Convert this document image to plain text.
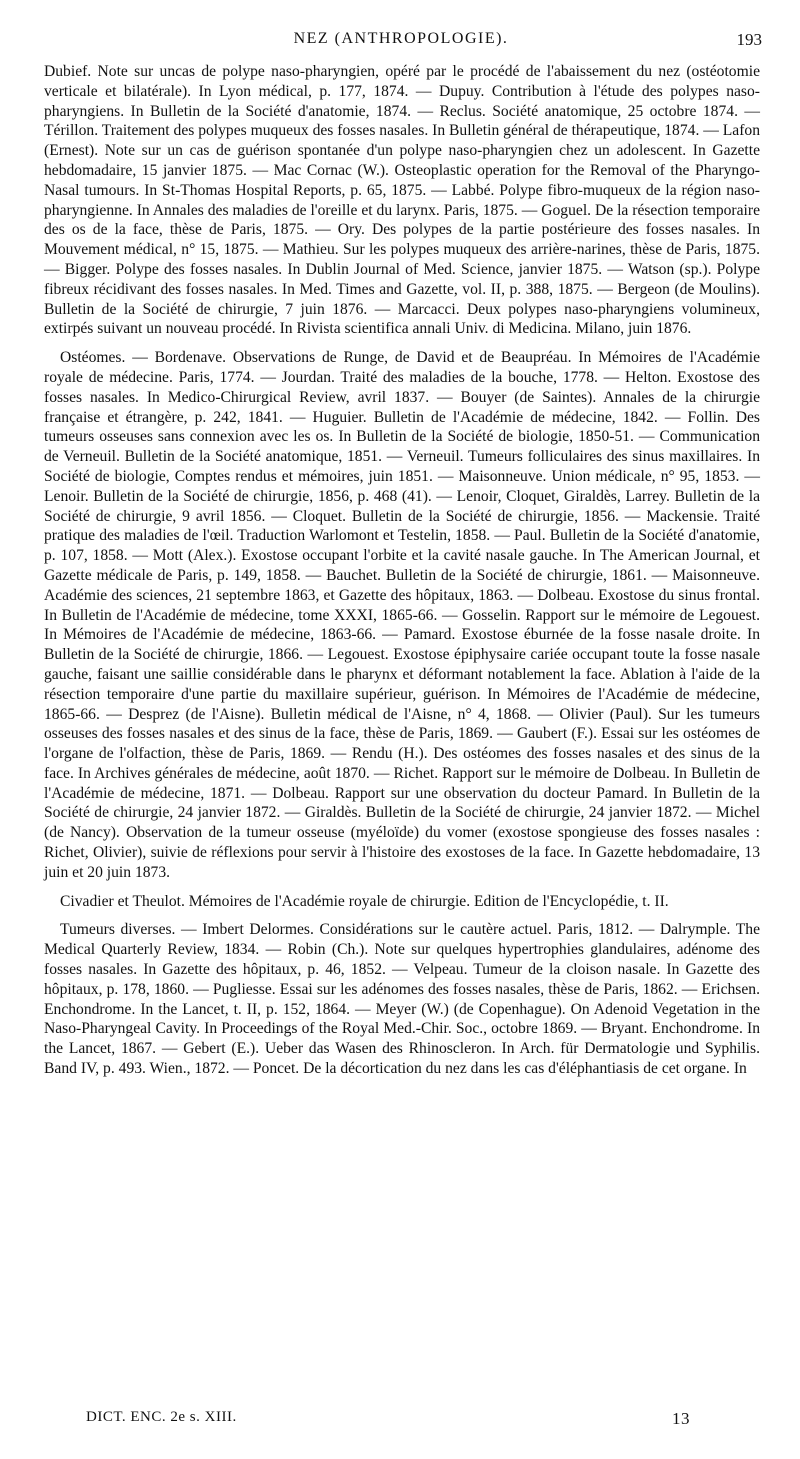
NEZ (ANTHROPOLOGIE).	193

Dubief. Note sur uncas de polype naso-pharyngien, opéré par le procédé de l'abaissement du nez (ostéotomie verticale et bilatérale). In Lyon médical, p. 177, 1874. — Dupuy. Contribution à l'étude des polypes naso-pharyngiens. In Bulletin de la Société d'anatomie, 1874. — Reclus. Société anatomique, 25 octobre 1874. — Térillon. Traitement des polypes muqueux des fosses nasales. In Bulletin général de thérapeutique, 1874. — Lafon (Ernest). Note sur un cas de guérison spontanée d'un polype naso-pharyngien chez un adolescent. In Gazette hebdomadaire, 15 janvier 1875. — Mac Cornac (W.). Osteoplastic operation for the Removal of the Pharyngo-Nasal tumours. In St-Thomas Hospital Reports, p. 65, 1875. — Labbé. Polype fibro-muqueux de la région naso-pharyngienne. In Annales des maladies de l'oreille et du larynx. Paris, 1875. — Goguel. De la résection temporaire des os de la face, thèse de Paris, 1875. — Ory. Des polypes de la partie postérieure des fosses nasales. In Mouvement médical, n° 15, 1875. — Mathieu. Sur les polypes muqueux des arrière-narines, thèse de Paris, 1875. — Bigger. Polype des fosses nasales. In Dublin Journal of Med. Science, janvier 1875. — Watson (sp.). Polype fibreux récidivant des fosses nasales. In Med. Times and Gazette, vol. II, p. 388, 1875. — Bergeon (de Moulins). Bulletin de la Société de chirurgie, 7 juin 1876. — Marcacci. Deux polypes naso-pharyngiens volumineux, extirpés suivant un nouveau procédé. In Rivista scientifica annali Univ. di Medicina. Milano, juin 1876.

Ostéomes. — Bordenave. Observations de Runge, de David et de Beaupréau. In Mémoires de l'Académie royale de médecine. Paris, 1774. — Jourdan. Traité des maladies de la bouche, 1778. — Helton. Exostose des fosses nasales. In Medico-Chirurgical Review, avril 1837. — Bouyer (de Saintes). Annales de la chirurgie française et étrangère, p. 242, 1841. — Huguier. Bulletin de l'Académie de médecine, 1842. — Follin. Des tumeurs osseuses sans connexion avec les os. In Bulletin de la Société de biologie, 1850-51. — Communication de Verneuil. Bulletin de la Société anatomique, 1851. — Verneuil. Tumeurs folliculaires des sinus maxillaires. In Société de biologie, Comptes rendus et mémoires, juin 1851. — Maisonneuve. Union médicale, n° 95, 1853. — Lenoir. Bulletin de la Société de chirurgie, 1856, p. 468 (41). — Lenoir, Cloquet, Giraldès, Larrey. Bulletin de la Société de chirurgie, 9 avril 1856. — Cloquet. Bulletin de la Société de chirurgie, 1856. — Mackensie. Traité pratique des maladies de l'œil. Traduction Warlomont et Testelin, 1858. — Paul. Bulletin de la Société d'anatomie, p. 107, 1858. — Mott (Alex.). Exostose occupant l'orbite et la cavité nasale gauche. In The American Journal, et Gazette médicale de Paris, p. 149, 1858. — Bauchet. Bulletin de la Société de chirurgie, 1861. — Maisonneuve. Académie des sciences, 21 septembre 1863, et Gazette des hôpitaux, 1863. — Dolbeau. Exostose du sinus frontal. In Bulletin de l'Académie de médecine, tome XXXI, 1865-66. — Gosselin. Rapport sur le mémoire de Legouest. In Mémoires de l'Académie de médecine, 1863-66. — Pamard. Exostose éburnée de la fosse nasale droite. In Bulletin de la Société de chirurgie, 1866. — Legouest. Exostose épiphysaire cariée occupant toute la fosse nasale gauche, faisant une saillie considérable dans le pharynx et déformant notablement la face. Ablation à l'aide de la résection temporaire d'une partie du maxillaire supérieur, guérison. In Mémoires de l'Académie de médecine, 1865-66. — Desprez (de l'Aisne). Bulletin médical de l'Aisne, n° 4, 1868. — Olivier (Paul). Sur les tumeurs osseuses des fosses nasales et des sinus de la face, thèse de Paris, 1869. — Gaubert (F.). Essai sur les ostéomes de l'organe de l'olfaction, thèse de Paris, 1869. — Rendu (H.). Des ostéomes des fosses nasales et des sinus de la face. In Archives générales de médecine, août 1870. — Richet. Rapport sur le mémoire de Dolbeau. In Bulletin de l'Académie de médecine, 1871. — Dolbeau. Rapport sur une observation du docteur Pamard. In Bulletin de la Société de chirurgie, 24 janvier 1872. — Giraldès. Bulletin de la Société de chirurgie, 24 janvier 1872. — Michel (de Nancy). Observation de la tumeur osseuse (myéloïde) du vomer (exostose spongieuse des fosses nasales : Richet, Olivier), suivie de réflexions pour servir à l'histoire des exostoses de la face. In Gazette hebdomadaire, 13 juin et 20 juin 1873.

Civadier et Theulot. Mémoires de l'Académie royale de chirurgie. Edition de l'Encyclopédie, t. II.

Tumeurs diverses. — Imbert Delormes. Considérations sur le cautère actuel. Paris, 1812. — Dalrymple. The Medical Quarterly Review, 1834. — Robin (Ch.). Note sur quelques hypertrophies glandulaires, adénome des fosses nasales. In Gazette des hôpitaux, p. 46, 1852. — Velpeau. Tumeur de la cloison nasale. In Gazette des hôpitaux, p. 178, 1860. — Pugliesse. Essai sur les adénomes des fosses nasales, thèse de Paris, 1862. — Erichsen. Enchondrome. In the Lancet, t. II, p. 152, 1864. — Meyer (W.) (de Copenhague). On Adenoid Vegetation in the Naso-Pharyngeal Cavity. In Proceedings of the Royal Med.-Chir. Soc., octobre 1869. — Bryant. Enchondrome. In the Lancet, 1867. — Gebert (E.). Ueber das Wasen des Rhinoscleron. In Arch. für Dermatologie und Syphilis. Band IV, p. 493. Wien., 1872. — Poncet. De la décortication du nez dans les cas d'éléphantiasis de cet organe. In

DICT. ENC. 2e s. XIII.	13
